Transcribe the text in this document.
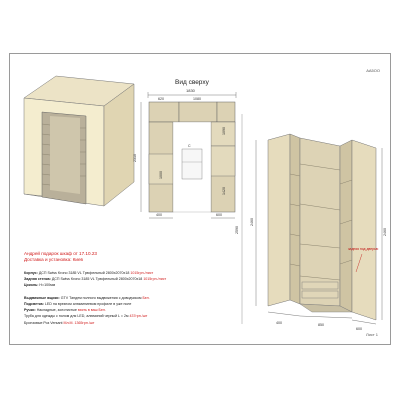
АА5ОО
Вид сверху
Лист 1
1830
620	1080
2310
1090
1420
1000
C
400	600
2590
2460
2460
400	850
600
задняя под дверью
Андрей подарок шкаф от 17.10.23
Доставка и установка: Киев
Корпус: ДСП Swiss Krono 3185 VL Трюфельный 2800x2070x18 1015грн./лист
Задняя стенка: ДСП Swiss Krono 3185 VL Трюфельный 2800x2070x18 1015грн./лист
Цоколь: Н=100мм

Выдвижные ящики: GTV Тандем полного выдвижения с доводчиком Бел.
Подсветка: LED на врезном алюминиевом профиле в уже поле
Ручки: Накладные, золотистые взять в ваш Бел.
Труба для одежды с полом для LED, алюминий черный L = 2м 437грн./шт
Бронзовые Роз Versant Мл.М. 1365грн./шт
